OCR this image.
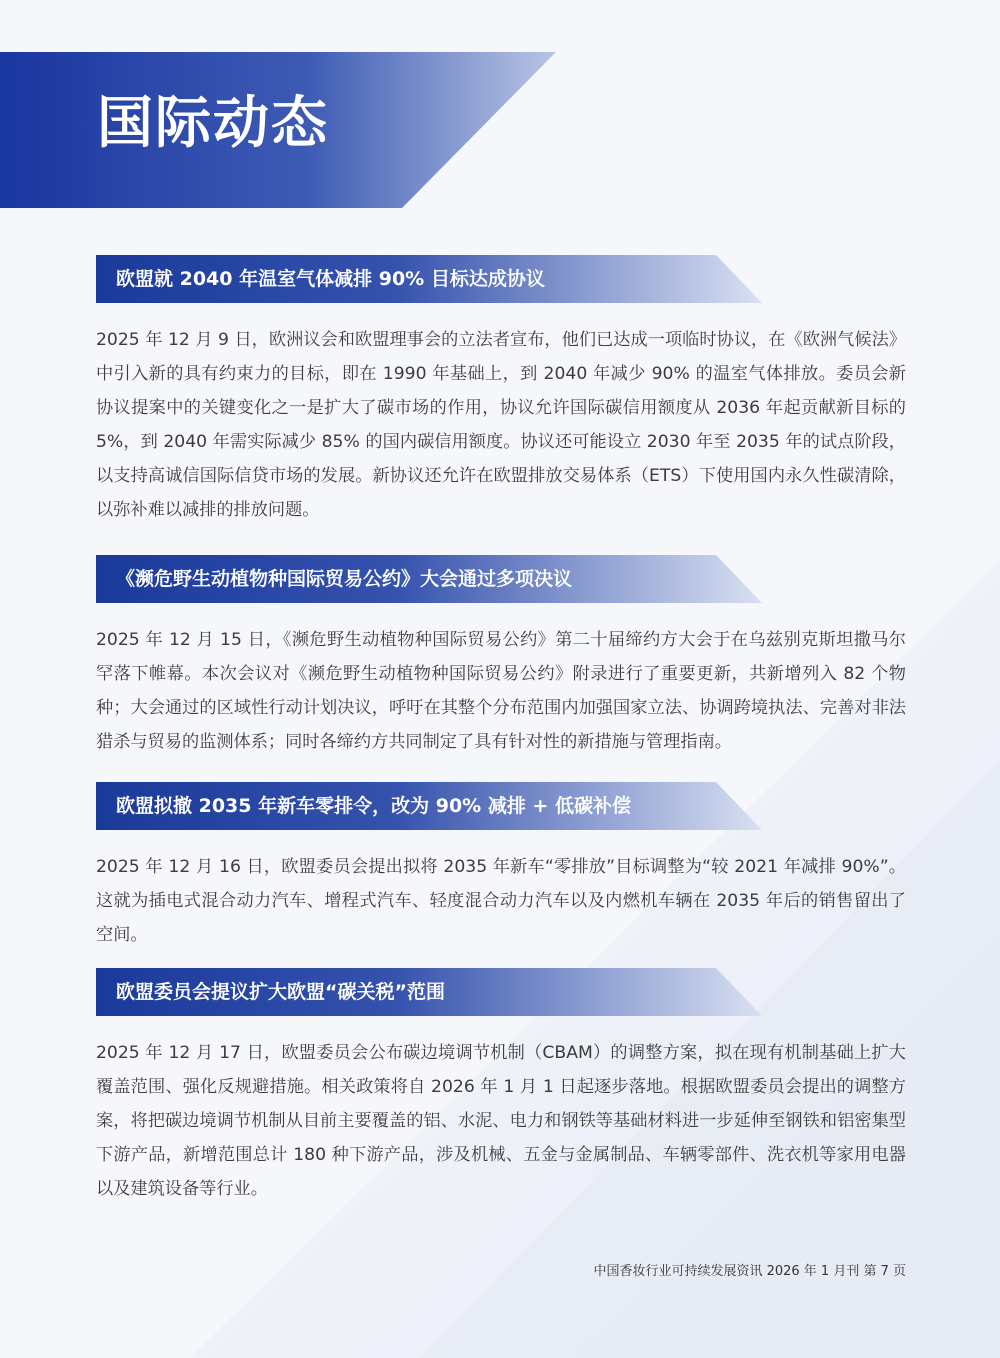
国际动态
欧盟就 2040 年温室气体减排 90% 目标达成协议
2025 年 12 月 9 日，欧洲议会和欧盟理事会的立法者宣布，他们已达成一项临时协议，在《欧洲气候法》中引入新的具有约束力的目标，即在 1990 年基础上，到 2040 年减少 90% 的温室气体排放。委员会新协议提案中的关键变化之一是扩大了碳市场的作用，协议允许国际碳信用额度从 2036 年起贡献新目标的 5%，到 2040 年需实际减少 85% 的国内碳信用额度。协议还可能设立 2030 年至 2035 年的试点阶段，以支持高诚信国际信贷市场的发展。新协议还允许在欧盟排放交易体系（ETS）下使用国内永久性碳清除，以弥补难以减排的排放问题。
《濒危野生动植物种国际贸易公约》大会通过多项决议
2025 年 12 月 15 日，《濒危野生动植物种国际贸易公约》第二十届缔约方大会于在乌兹别克斯坦撒马尔罕落下帷幕。本次会议对《濒危野生动植物种国际贸易公约》附录进行了重要更新，共新增列入 82 个物种；大会通过的区域性行动计划决议，呼吁在其整个分布范围内加强国家立法、协调跨境执法、完善对非法猎杀与贸易的监测体系；同时各缔约方共同制定了具有针对性的新措施与管理指南。
欧盟拟撤 2035 年新车零排令，改为 90% 减排 + 低碳补偿
2025 年 12 月 16 日，欧盟委员会提出拟将 2035 年新车“零排放”目标调整为“较 2021 年减排 90%”。这就为插电式混合动力汽车、增程式汽车、轻度混合动力汽车以及内燃机车辆在 2035 年后的销售留出了空间。
欧盟委员会提议扩大欧盟“碳关税”范围
2025 年 12 月 17 日，欧盟委员会公布碳边境调节机制（CBAM）的调整方案，拟在现有机制基础上扩大覆盖范围、强化反规避措施。相关政策将自 2026 年 1 月 1 日起逐步落地。根据欧盟委员会提出的调整方案，将把碳边境调节机制从目前主要覆盖的铝、水泥、电力和钢铁等基础材料进一步延伸至钢铁和铝密集型下游产品，新增范围总计 180 种下游产品，涉及机械、五金与金属制品、车辆零部件、洗衣机等家用电器以及建筑设备等行业。
中国香妆行业可持续发展资讯 2026 年 1 月刊 第 7 页
